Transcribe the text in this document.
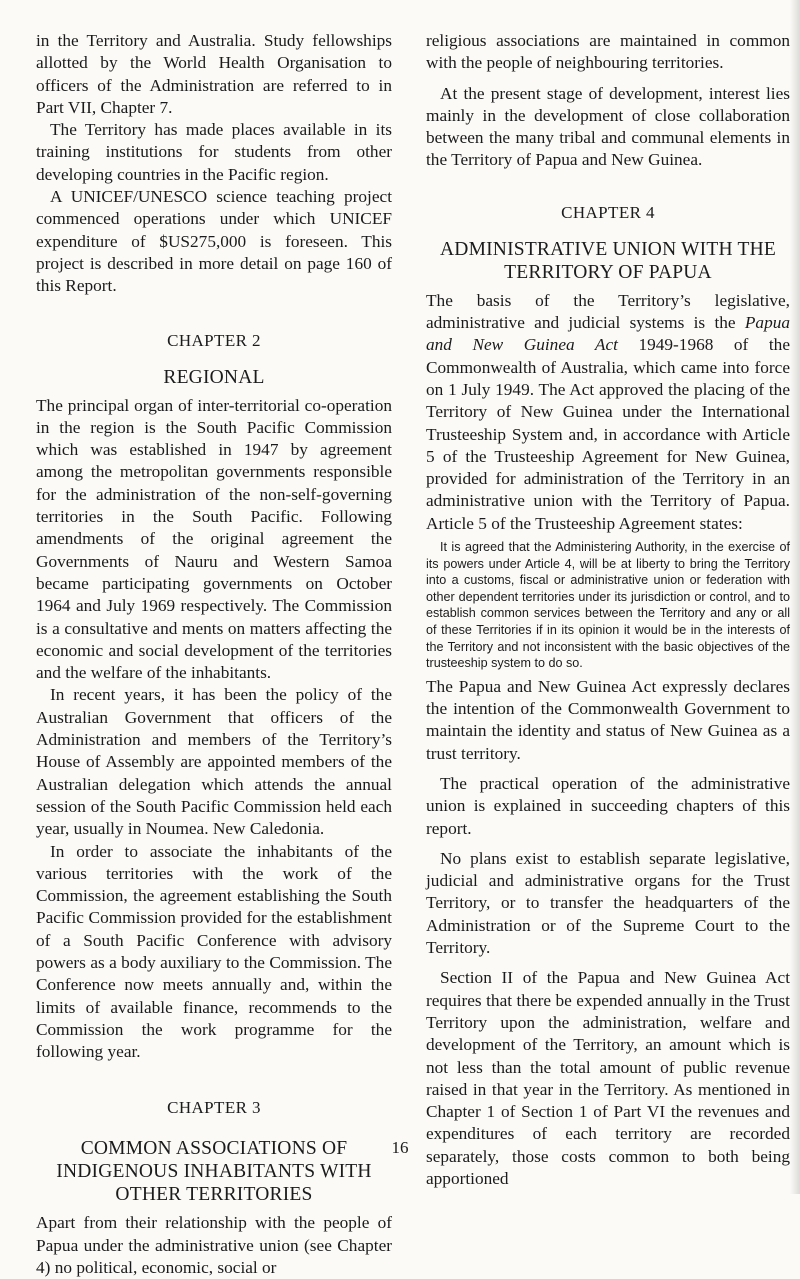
in the Territory and Australia. Study fellowships allotted by the World Health Organisation to officers of the Administration are referred to in Part VII, Chapter 7.

The Territory has made places available in its training institutions for students from other developing countries in the Pacific region.

A UNICEF/UNESCO science teaching project commenced operations under which UNICEF expenditure of $US275,000 is foreseen. This project is described in more detail on page 160 of this Report.

CHAPTER 2
REGIONAL

The principal organ of inter-territorial co-operation in the region is the South Pacific Commission which was established in 1947 by agreement among the metropolitan governments responsible for the administration of the non-self-governing territories in the South Pacific. Following amendments of the original agreement the Governments of Nauru and Western Samoa became participating governments on October 1964 and July 1969 respectively. The Commission is a consultative and ments on matters affecting the economic and social development of the territories and the welfare of the inhabitants.

In recent years, it has been the policy of the Australian Government that officers of the Administration and members of the Territory’s House of Assembly are appointed members of the Australian delegation which attends the annual session of the South Pacific Commission held each year, usually in Noumea. New Caledonia.

In order to associate the inhabitants of the various territories with the work of the Commission, the agreement establishing the South Pacific Commission provided for the establishment of a South Pacific Conference with advisory powers as a body auxiliary to the Commission. The Conference now meets annually and, within the limits of available finance, recommends to the Commission the work programme for the following year.

CHAPTER 3
COMMON ASSOCIATIONS OF INDIGENOUS INHABITANTS WITH OTHER TERRITORIES

Apart from their relationship with the people of Papua under the administrative union (see Chapter 4) no political, economic, social or

religious associations are maintained in common with the people of neighbouring territories.

At the present stage of development, interest lies mainly in the development of close collaboration between the many tribal and communal elements in the Territory of Papua and New Guinea.

CHAPTER 4
ADMINISTRATIVE UNION WITH THE TERRITORY OF PAPUA

The basis of the Territory’s legislative, administrative and judicial systems is the Papua and New Guinea Act 1949-1968 of the Commonwealth of Australia, which came into force on 1 July 1949. The Act approved the placing of the Territory of New Guinea under the International Trusteeship System and, in accordance with Article 5 of the Trusteeship Agreement for New Guinea, provided for administration of the Territory in an administrative union with the Territory of Papua. Article 5 of the Trusteeship Agreement states:

It is agreed that the Administering Authority, in the exercise of its powers under Article 4, will be at liberty to bring the Territory into a customs, fiscal or administrative union or federation with other dependent territories under its jurisdiction or control, and to establish common services between the Territory and any or all of these Territories if in its opinion it would be in the interests of the Territory and not inconsistent with the basic objectives of the trusteeship system to do so.

The Papua and New Guinea Act expressly declares the intention of the Commonwealth Government to maintain the identity and status of New Guinea as a trust territory.

The practical operation of the administrative union is explained in succeeding chapters of this report.

No plans exist to establish separate legislative, judicial and administrative organs for the Trust Territory, or to transfer the headquarters of the Administration or of the Supreme Court to the Territory.

Section II of the Papua and New Guinea Act requires that there be expended annually in the Trust Territory upon the administration, welfare and development of the Territory, an amount which is not less than the total amount of public revenue raised in that year in the Territory. As mentioned in Chapter 1 of Section 1 of Part VI the revenues and expenditures of each territory are recorded separately, those costs common to both being apportioned

16
